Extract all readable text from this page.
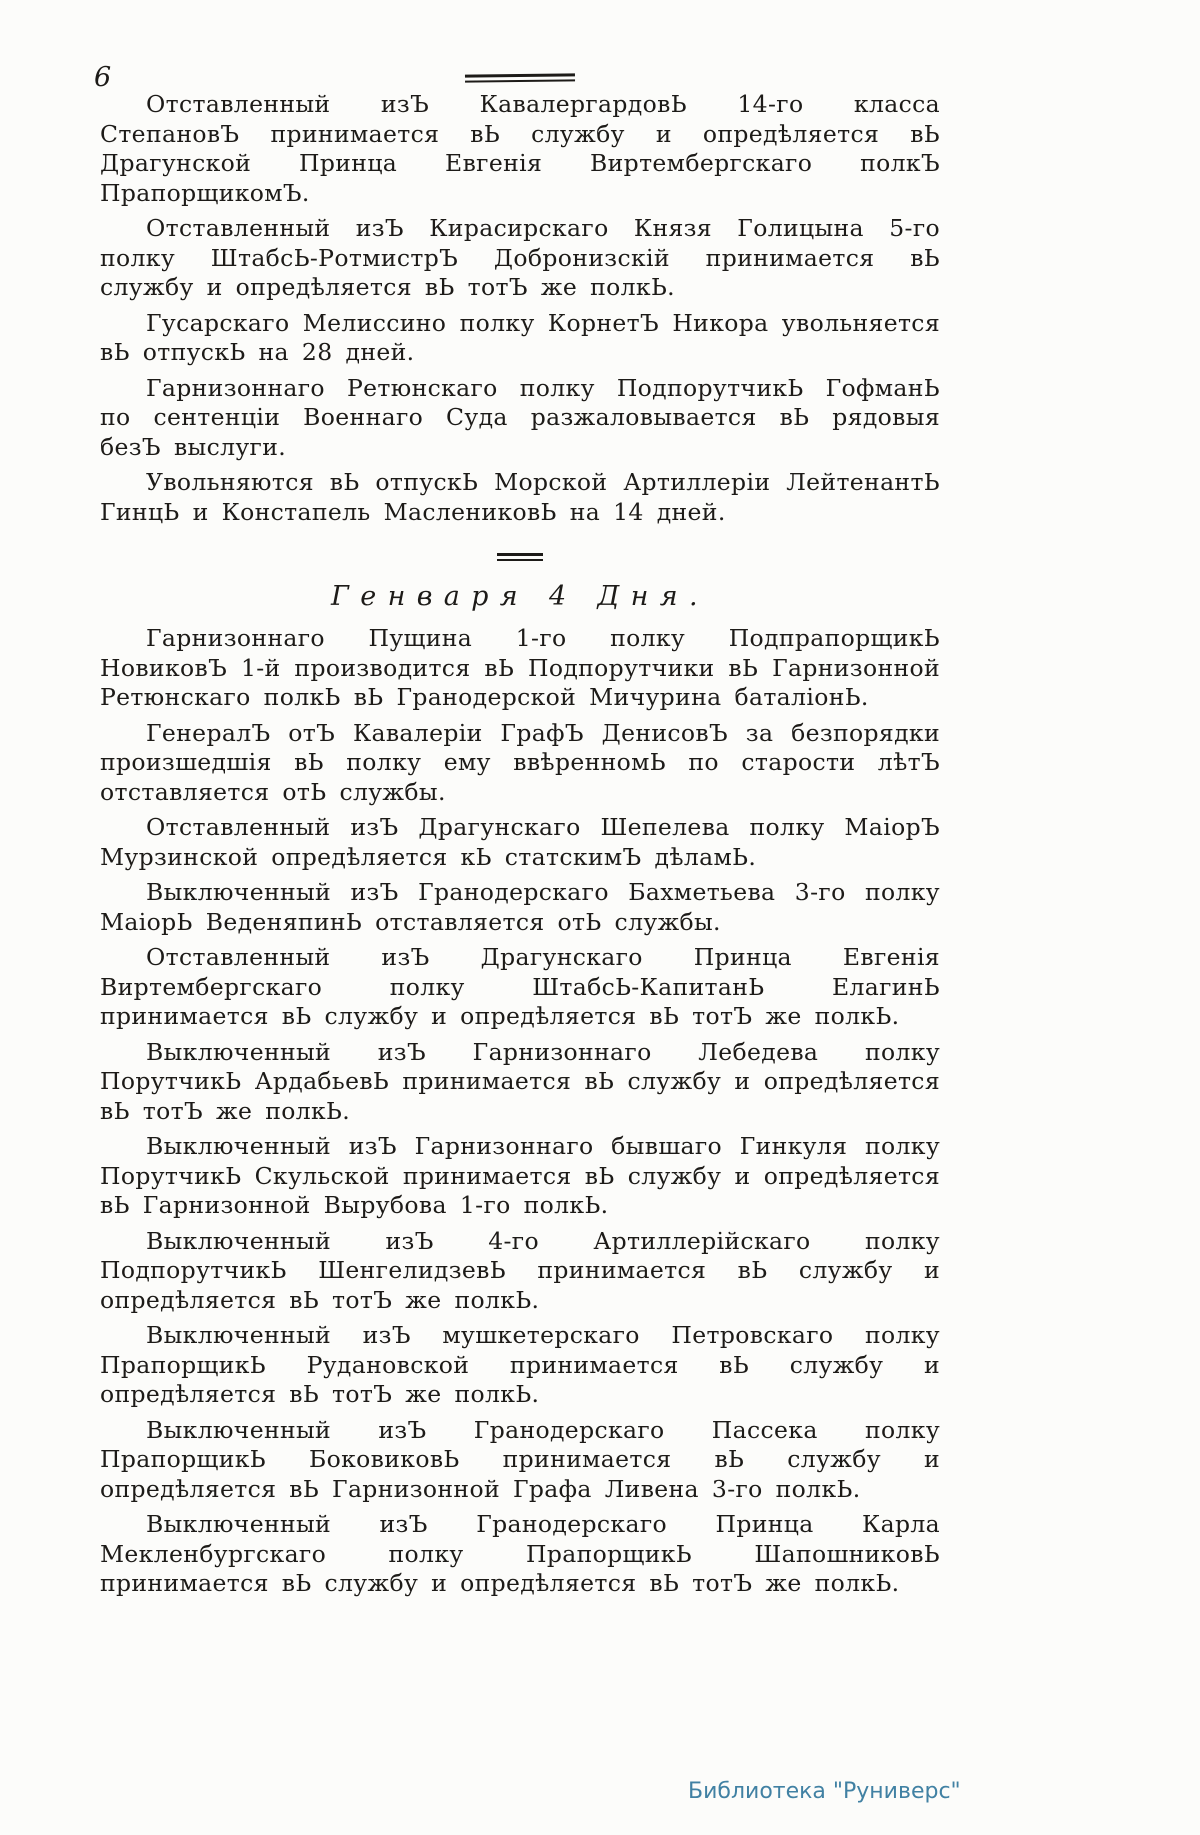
6

Отставленный изЪ КавалергардовЬ 14-го класса СтепановЪ принимается вЬ службу и опредѣляется вЬ Драгунской Принца Евгенія Виртембергскаго полкЪ ПрапорщикомЪ.

Отставленный изЪ Кирасирскаго Князя Голицына 5-го полку ШтабсЬ-РотмистрЪ Добронизскій принимается вЬ службу и опредѣляется вЬ тотЪ же полкЬ.

Гусарскаго Мелиссино полку КорнетЪ Никора увольняется вЬ отпускЬ на 28 дней.

Гарнизоннаго Ретюнскаго полку ПодпорутчикЬ ГофманЬ по сентенціи Военнаго Суда разжаловывается вЬ рядовыя безЪ выслуги.

Увольняются вЬ отпускЬ Морской Артиллеріи ЛейтенантЬ ГинцЬ и Констапель МаслениковЬ на 14 дней.

Генваря 4 Дня.

Гарнизоннаго Пущина 1-го полку ПодпрапорщикЬ НовиковЪ 1-й производится вЬ Подпорутчики вЬ Гарнизонной Ретюнскаго полкЬ вЬ Гранодерской Мичурина баталіонЬ.

ГенералЪ отЪ Кавалеріи ГрафЪ ДенисовЪ за безпорядки произшедшія вЬ полку ему ввѣренномЬ по старости лѣтЪ отставляется отЬ службы.

Отставленный изЪ Драгунскаго Шепелева полку МаіорЪ Мурзинской опредѣляется кЬ статскимЪ дѣламЬ.

Выключенный изЪ Гранодерскаго Бахметьева 3-го полку МаіорЬ ВеденяпинЬ отставляется отЬ службы.

Отставленный изЪ Драгунскаго Принца Евгенія Виртембергскаго полку ШтабсЬ-КапитанЬ ЕлагинЬ принимается вЬ службу и опредѣляется вЬ тотЪ же полкЬ.

Выключенный изЪ Гарнизоннаго Лебедева полку ПорутчикЬ АрдабьевЬ принимается вЬ службу и опредѣляется вЬ тотЪ же полкЬ.

Выключенный изЪ Гарнизоннаго бывшаго Гинкуля полку ПорутчикЬ Скульской принимается вЬ службу и опредѣляется вЬ Гарнизонной Вырубова 1-го полкЬ.

Выключенный изЪ 4-го Артиллерійскаго полку ПодпорутчикЬ ШенгелидзевЬ принимается вЬ службу и опредѣляется вЬ тотЪ же полкЬ.

Выключенный изЪ мушкетерскаго Петровскаго полку ПрапорщикЬ Рудановской принимается вЬ службу и опредѣляется вЬ тотЪ же полкЬ.

Выключенный изЪ Гранодерскаго Пассека полку ПрапорщикЬ БоковиковЬ принимается вЬ службу и опредѣляется вЬ Гарнизонной Графа Ливена 3-го полкЬ.

Выключенный изЪ Гранодерскаго Принца Карла Мекленбургскаго полку ПрапорщикЬ ШапошниковЬ принимается вЬ службу и опредѣляется вЬ тотЪ же полкЬ.

Библиотека "Руниверс"
